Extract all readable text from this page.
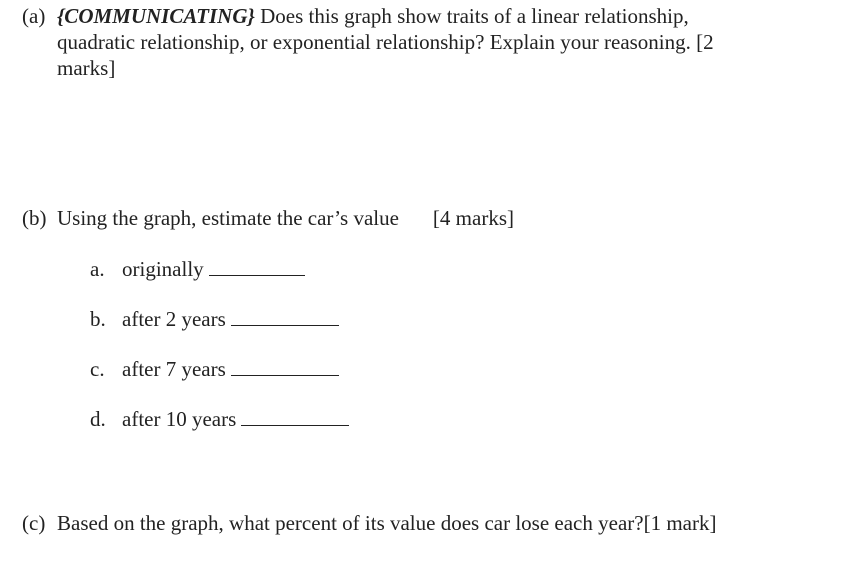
(a) {COMMUNICATING} Does this graph show traits of a linear relationship, quadratic relationship, or exponential relationship? Explain your reasoning. [2 marks]
(b) Using the graph, estimate the car’s value [4 marks]
a. originally
b. after 2 years
c. after 7 years
d. after 10 years
(c) Based on the graph, what percent of its value does car lose each year?[1 mark]
